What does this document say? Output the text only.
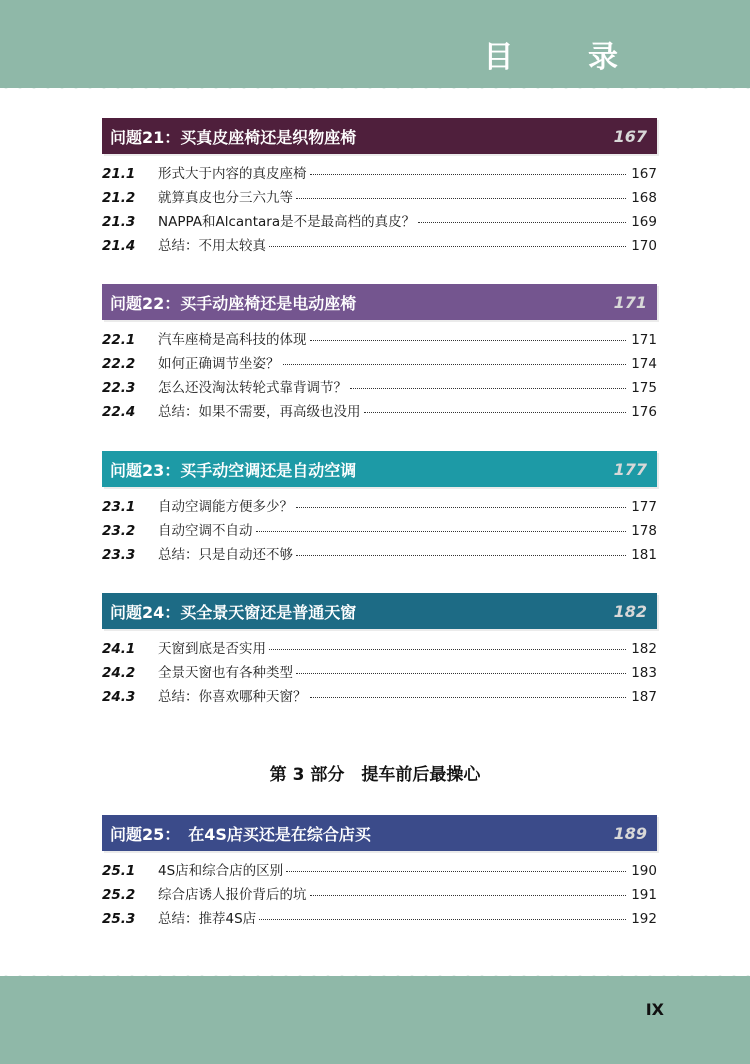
目 录
问题21：买真皮座椅还是织物座椅	167
21.1	形式大于内容的真皮座椅	167
21.2	就算真皮也分三六九等	168
21.3	NAPPA和Alcantara是不是最高档的真皮？	169
21.4	总结：不用太较真	170
问题22：买手动座椅还是电动座椅	171
22.1	汽车座椅是高科技的体现	171
22.2	如何正确调节坐姿？	174
22.3	怎么还没淘汰转轮式靠背调节？	175
22.4	总结：如果不需要，再高级也没用	176
问题23：买手动空调还是自动空调	177
23.1	自动空调能方便多少？	177
23.2	自动空调不自动	178
23.3	总结：只是自动还不够	181
问题24：买全景天窗还是普通天窗	182
24.1	天窗到底是否实用	182
24.2	全景天窗也有各种类型	183
24.3	总结：你喜欢哪种天窗？	187
第 3 部分　提车前后最操心
问题25：　在4S店买还是在综合店买	189
25.1	4S店和综合店的区别	190
25.2	综合店诱人报价背后的坑	191
25.3	总结：推荐4S店	192
IX
